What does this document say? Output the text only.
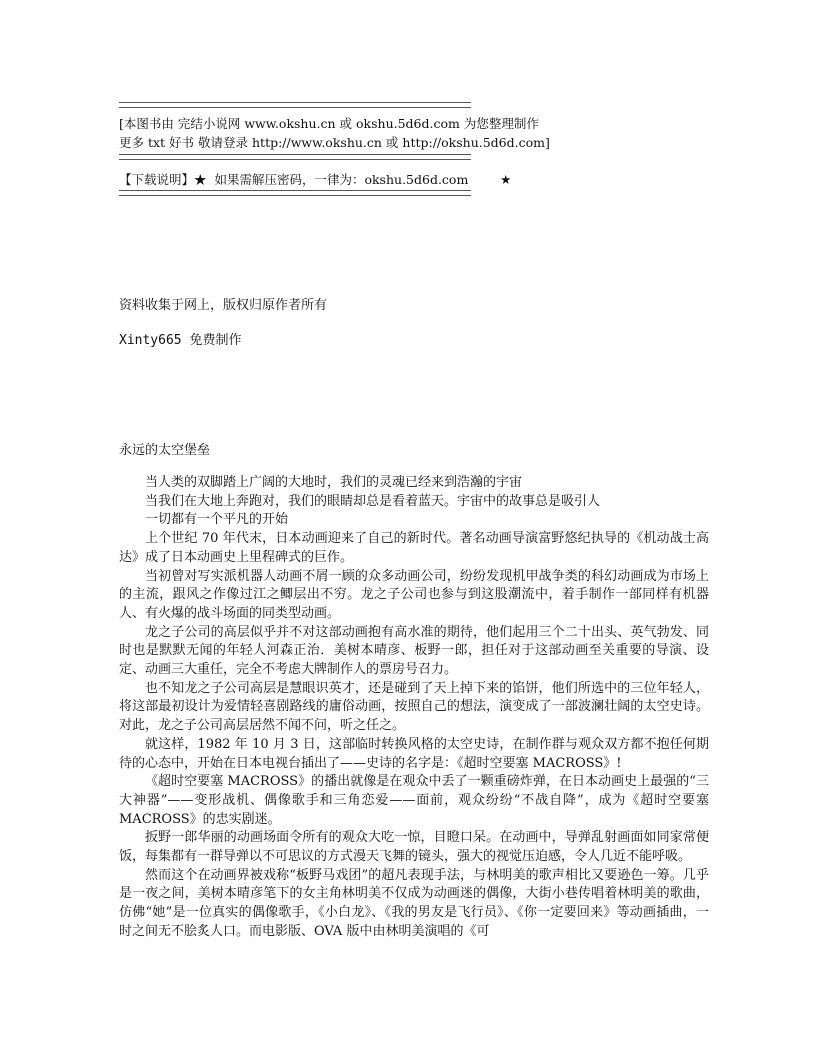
[本图书由 完结小说网 www.okshu.cn 或 okshu.5d6d.com 为您整理制作
更多 txt 好书 敬请登录 http://www.okshu.cn 或 http://okshu.5d6d.com]
【下载说明】★  如果需解压密码，一律为：okshu.5d6d.com        ★
资料收集于网上，版权归原作者所有
Xinty665 免费制作
永远的太空堡垒

当人类的双脚踏上广阔的大地时，我们的灵魂已经来到浩瀚的宇宙

当我们在大地上奔跑对，我们的眼睛却总是看着蓝天。宇宙中的故事总是吸引人

一切都有一个平凡的开始

上个世纪 70 年代末，日本动画迎来了自己的新时代。著名动画导演富野悠纪执导的《机动战士高达》成了日本动画史上里程碑式的巨作。

当初曾对写实派机器人动画不屑一顾的众多动画公司，纷纷发现机甲战争类的科幻动画成为市场上的主流，跟风之作像过江之鲫层出不穷。龙之子公司也参与到这股潮流中，着手制作一部同样有机器人、有火爆的战斗场面的同类型动画。

龙之子公司的高层似乎并不对这部动画抱有高水准的期待，他们起用三个二十出头、英气勃发、同时也是默默无闻的年轻人河森正治．美树本晴彦、板野一郎，担任对于这部动画至关重要的导演、设定、动画三大重任，完全不考虑大牌制作人的票房号召力。

也不知龙之子公司高层是慧眼识英才，还是碰到了天上掉下来的馅饼，他们所选中的三位年轻人，将这部最初设计为爱情轻喜剧路线的庸俗动画，按照自己的想法，演变成了一部波澜壮阔的太空史诗。对此，龙之子公司高层居然不闻不问，听之任之。

就这样，1982 年 10 月 3 日，这部临时转换风格的太空史诗，在制作群与观众双方都不抱任何期待的心态中，开始在日本电视台插出了——史诗的名字是：《超时空要塞 MACROSS》!

《超时空要塞 MACROSS》的播出就像是在观众中丢了一颗重磅炸弹，在日本动画史上最强的“三大神器”——变形战机、偶像歌手和三角恋爱——面前，观众纷纷“不战自降”，成为《超时空要塞 MACROSS》的忠实剧迷。

扳野一郎华丽的动画场面令所有的观众大吃一惊，目瞪口呆。在动画中，导弹乱射画面如同家常便饭，每集都有一群导弹以不可思议的方式漫天飞舞的镜头，强大的视觉压迫感，令人几近不能呼吸。

然而这个在动画界被戏称“板野马戏团”的超凡表现手法，与林明美的歌声相比又要逊色一筹。几乎是一夜之间，美树本晴彦笔下的女主角林明美不仅成为动画迷的偶像，大街小巷传唱着林明美的歌曲，仿佛“她”是一位真实的偶像歌手，《小白龙》、《我的男友是飞行员》、《你一定要回来》等动画插曲，一时之间无不脍炙人口。而电影版、OVA 版中由林明美演唱的《可
